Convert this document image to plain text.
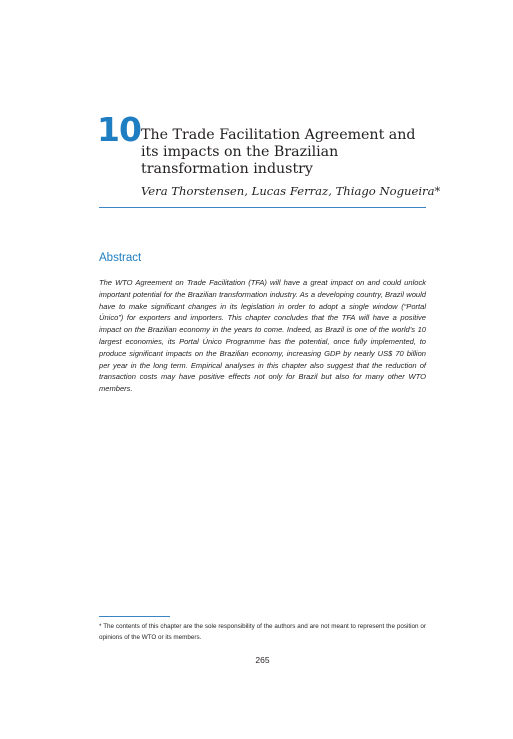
10 The Trade Facilitation Agreement and its impacts on the Brazilian transformation industry
Vera Thorstensen, Lucas Ferraz, Thiago Nogueira*
Abstract

The WTO Agreement on Trade Facilitation (TFA) will have a great impact on and could unlock important potential for the Brazilian transformation industry. As a developing country, Brazil would have to make significant changes in its legislation in order to adopt a single window (“Portal Único”) for exporters and importers. This chapter concludes that the TFA will have a positive impact on the Brazilian economy in the years to come. Indeed, as Brazil is one of the world’s 10 largest economies, its Portal Único Programme has the potential, once fully implemented, to produce significant impacts on the Brazilian economy, increasing GDP by nearly US$ 70 billion per year in the long term. Empirical analyses in this chapter also suggest that the reduction of transaction costs may have positive effects not only for Brazil but also for many other WTO members.

* The contents of this chapter are the sole responsibility of the authors and are not meant to represent the position or opinions of the WTO or its members.

265
